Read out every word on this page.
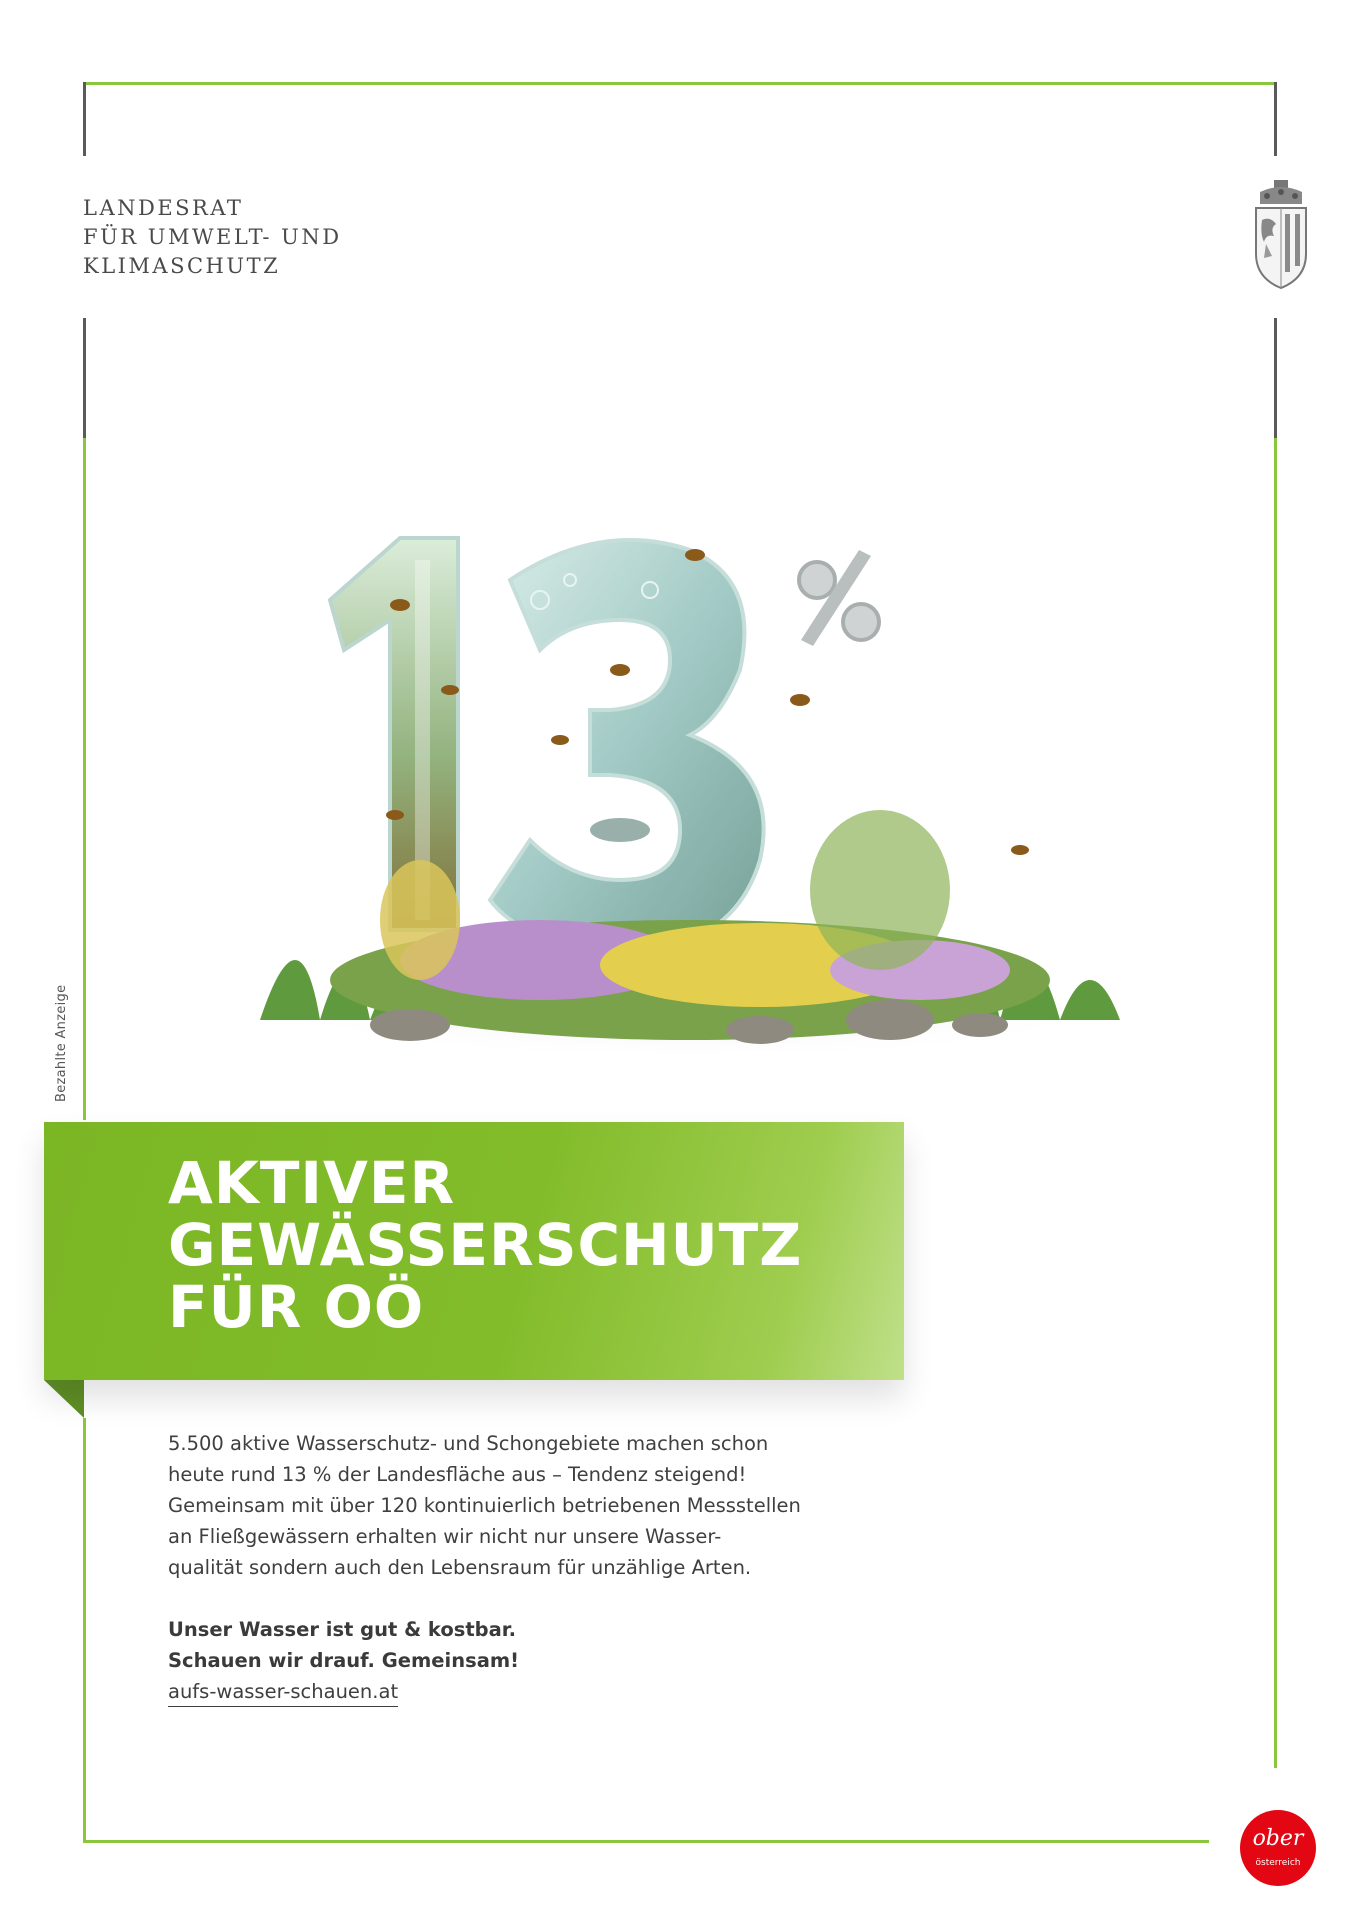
LANDESRAT
FÜR UMWELT- UND
KLIMASCHUTZ
Bezahlte Anzeige
AKTIVER
GEWÄSSERSCHUTZ
FÜR OÖ

5.500 aktive Wasserschutz- und Schongebiete machen schon
heute rund 13 % der Landesfläche aus – Tendenz steigend!
Gemeinsam mit über 120 kontinuierlich betriebenen Messstellen
an Fließgewässern erhalten wir nicht nur unsere Wasser-
qualität sondern auch den Lebensraum für unzählige Arten.

Unser Wasser ist gut & kostbar.
Schauen wir drauf. Gemeinsam!
aufs-wasser-schauen.at
ober
österreich
